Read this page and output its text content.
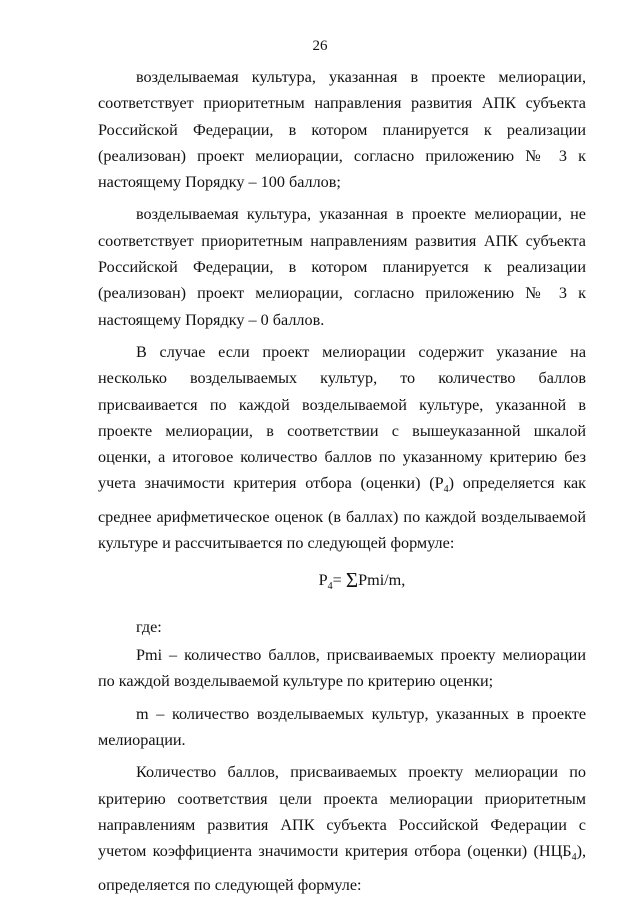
26

возделываемая культура, указанная в проекте мелиорации, соответствует приоритетным направления развития АПК субъекта Российской Федерации, в котором планируется к реализации (реализован) проект мелиорации, согласно приложению № 3 к настоящему Порядку – 100 баллов;

возделываемая культура, указанная в проекте мелиорации, не соответствует приоритетным направлениям развития АПК субъекта Российской Федерации, в котором планируется к реализации (реализован) проект мелиорации, согласно приложению № 3 к настоящему Порядку – 0 баллов.

В случае если проект мелиорации содержит указание на несколько возделываемых культур, то количество баллов присваивается по каждой возделываемой культуре, указанной в проекте мелиорации, в соответствии с вышеуказанной шкалой оценки, а итоговое количество баллов по указанному критерию без учета значимости критерия отбора (оценки) $(Р_4)$ определяется как среднее арифметическое оценок (в баллах) по каждой возделываемой культуре и рассчитывается по следующей формуле:

$Р_4= \Sigma Pmi/m$,

где:

Pmi – количество баллов, присваиваемых проекту мелиорации по каждой возделываемой культуре по критерию оценки;

m – количество возделываемых культур, указанных в проекте мелиорации.

Количество баллов, присваиваемых проекту мелиорации по критерию соответствия цели проекта мелиорации приоритетным направлениям развития АПК субъекта Российской Федерации с учетом коэффициента значимости критерия отбора (оценки) $(НЦБ_4)$, определяется по следующей формуле:
